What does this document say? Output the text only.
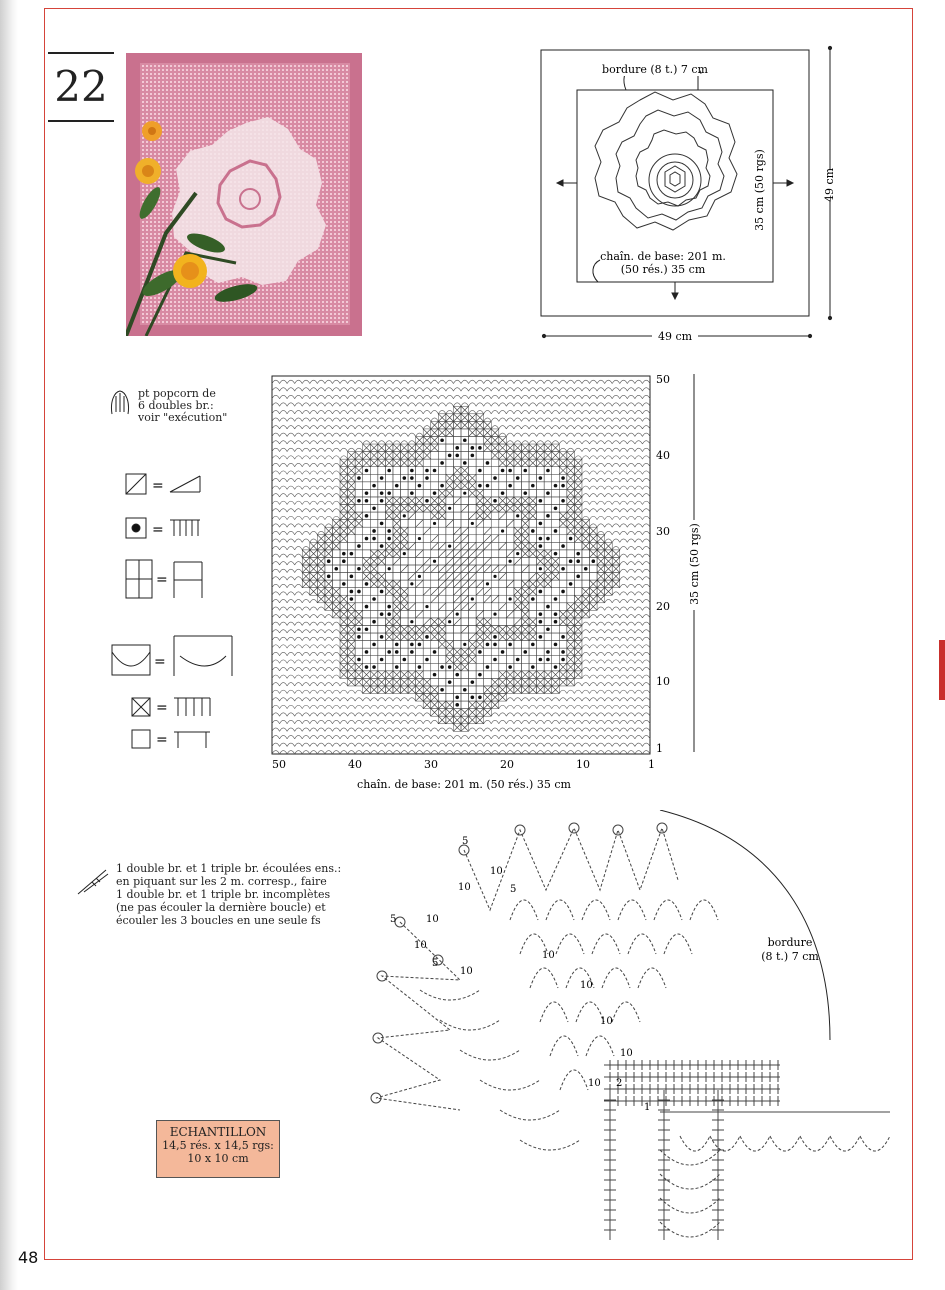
48
22	bordure (8 t.) 7 cm
35 cm (50 rgs)	49 cm
49 cm
chaîn. de base: 201 m.
(50 rés.) 35 cm
pt popcorn de
6 doubles br.:
voir "exécution"
=
=
=
=
=
=
50
40
30
20
10
1
50	40	30	20	10	1
35 cm (50 rgs)
chaîn. de base: 201 m. (50 rés.) 35 cm
1 double br. et 1 triple br. écoulées ens.:
en piquant sur les 2 m. corresp., faire
1 double br. et 1 triple br. incomplètes
(ne pas écouler la dernière boucle) et
écouler les 3 boucles en une seule fs
bordure
(8 t.) 7 cm
5
10	5
10
5	10
10
5
10
10
10
10
10
10
2
1
ECHANTILLON
14,5 rés. x 14,5 rgs:
10 x 10 cm
